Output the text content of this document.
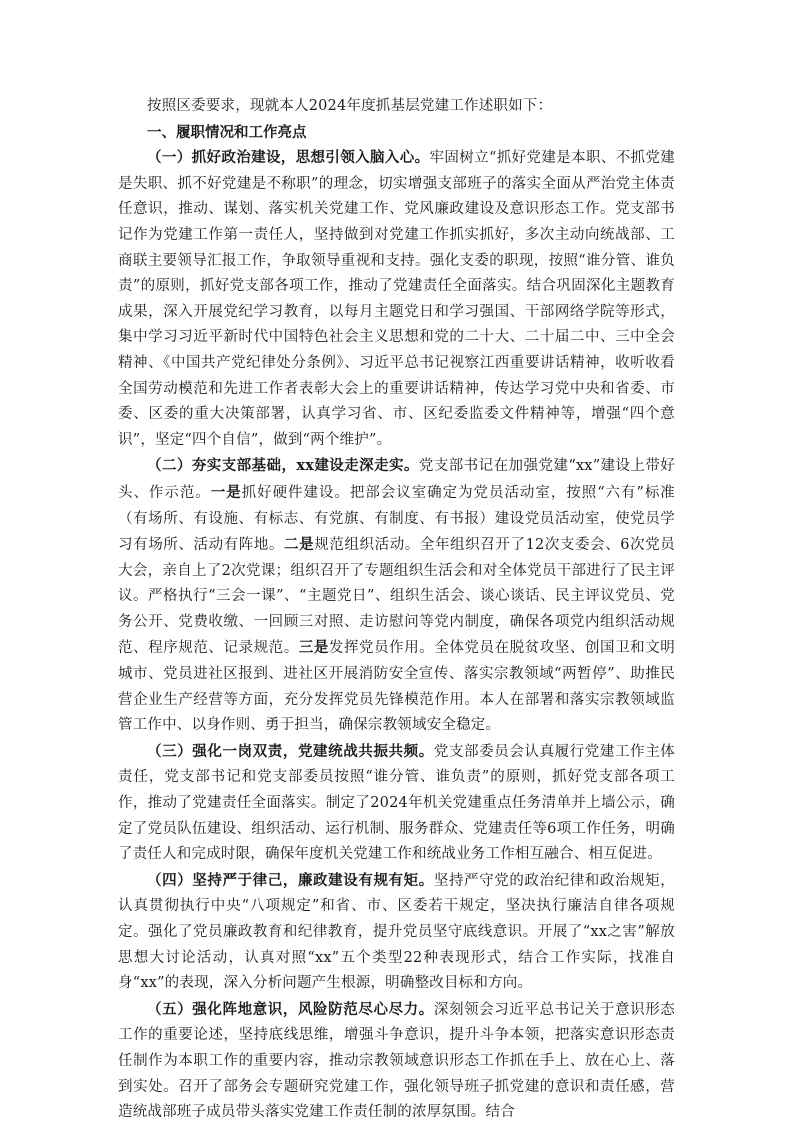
按照区委要求，现就本人2024年度抓基层党建工作述职如下：

一、履职情况和工作亮点

（一）抓好政治建设，思想引领入脑入心。牢固树立“抓好党建是本职、不抓党建是失职、抓不好党建是不称职”的理念，切实增强支部班子的落实全面从严治党主体责任意识，推动、谋划、落实机关党建工作、党风廉政建设及意识形态工作。党支部书记作为党建工作第一责任人，坚持做到对党建工作抓实抓好，多次主动向统战部、工商联主要领导汇报工作，争取领导重视和支持。强化支委的职现，按照“谁分管、谁负责”的原则，抓好党支部各项工作，推动了党建责任全面落实。结合巩固深化主题教育成果，深入开展党纪学习教育，以每月主题党日和学习强国、干部网络学院等形式，集中学习习近平新时代中国特色社会主义思想和党的二十大、二十届二中、三中全会精神、《中国共产党纪律处分条例》、习近平总书记视察江西重要讲话精神，收听收看全国劳动模范和先进工作者表彰大会上的重要讲话精神，传达学习党中央和省委、市委、区委的重大决策部署，认真学习省、市、区纪委监委文件精神等，增强“四个意识”，坚定“四个自信”，做到“两个维护”。

（二）夯实支部基础，xx建设走深走实。党支部书记在加强党建“xx”建设上带好头、作示范。一是抓好硬件建设。把部会议室确定为党员活动室，按照“六有”标准（有场所、有设施、有标志、有党旗、有制度、有书报）建设党员活动室，使党员学习有场所、活动有阵地。二是规范组织活动。全年组织召开了12次支委会、6次党员大会，亲自上了2次党课；组织召开了专题组织生活会和对全体党员干部进行了民主评议。严格执行“三会一课”、“主题党日”、组织生活会、谈心谈话、民主评议党员、党务公开、党费收缴、一回顾三对照、走访慰问等党内制度，确保各项党内组织活动规范、程序规范、记录规范。三是发挥党员作用。全体党员在脱贫攻坚、创国卫和文明城市、党员进社区报到、进社区开展消防安全宣传、落实宗教领域“两暂停”、助推民营企业生产经营等方面，充分发挥党员先锋模范作用。本人在部署和落实宗教领域监管工作中、以身作则、勇于担当，确保宗教领域安全稳定。

（三）强化一岗双责，党建统战共振共频。党支部委员会认真履行党建工作主体责任，党支部书记和党支部委员按照“谁分管、谁负责”的原则，抓好党支部各项工作，推动了党建责任全面落实。制定了2024年机关党建重点任务清单并上墙公示，确定了党员队伍建设、组织活动、运行机制、服务群众、党建责任等6项工作任务，明确了责任人和完成时限，确保年度机关党建工作和统战业务工作相互融合、相互促进。

（四）坚持严于律己，廉政建设有规有矩。坚持严守党的政治纪律和政治规矩，认真贯彻执行中央“八项规定”和省、市、区委若干规定，坚决执行廉洁自律各项规定。强化了党员廉政教育和纪律教育，提升党员坚守底线意识。开展了“xx之害”解放思想大讨论活动，认真对照“xx”五个类型22种表现形式，结合工作实际，找准自身“xx”的表现，深入分析问题产生根源，明确整改目标和方向。

（五）强化阵地意识，风险防范尽心尽力。深刻领会习近平总书记关于意识形态工作的重要论述，坚持底线思维，增强斗争意识，提升斗争本领，把落实意识形态责任制作为本职工作的重要内容，推动宗教领域意识形态工作抓在手上、放在心上、落到实处。召开了部务会专题研究党建工作，强化领导班子抓党建的意识和责任感，营造统战部班子成员带头落实党建工作责任制的浓厚氛围。结合
